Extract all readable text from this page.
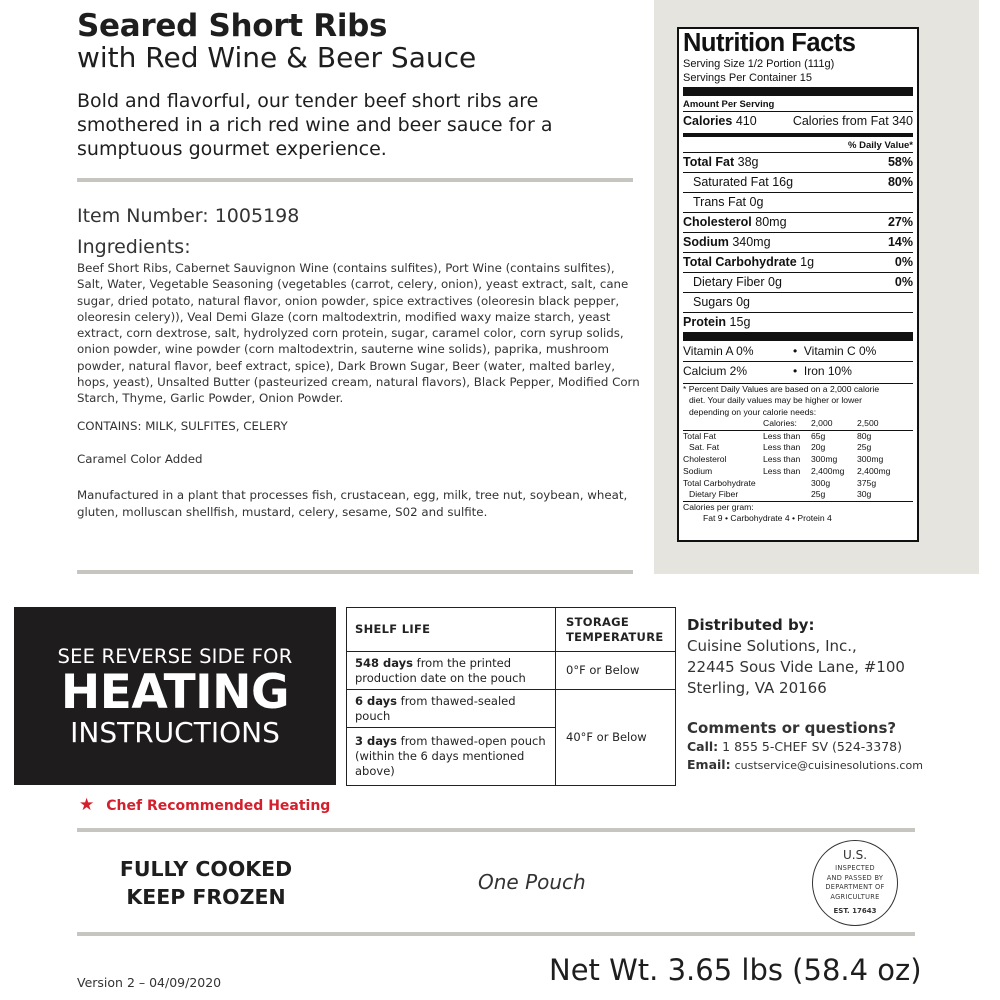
Seared Short Ribs
with Red Wine & Beer Sauce
Bold and flavorful, our tender beef short ribs are smothered in a rich red wine and beer sauce for a sumptuous gourmet experience.
Item Number: 1005198
Ingredients:
Beef Short Ribs, Cabernet Sauvignon Wine (contains sulfites), Port Wine (contains sulfites), Salt, Water, Vegetable Seasoning (vegetables (carrot, celery, onion), yeast extract, salt, cane sugar, dried potato, natural flavor, onion powder, spice extractives (oleoresin black pepper, oleoresin celery)), Veal Demi Glaze (corn maltodextrin, modified waxy maize starch, yeast extract, corn dextrose, salt, hydrolyzed corn protein, sugar, caramel color, corn syrup solids, onion powder, wine powder (corn maltodextrin, sauterne wine solids), paprika, mushroom powder, natural flavor, beef extract, spice), Dark Brown Sugar, Beer (water, malted barley, hops, yeast), Unsalted Butter (pasteurized cream, natural flavors), Black Pepper, Modified Corn Starch, Thyme, Garlic Powder, Onion Powder.
CONTAINS: MILK, SULFITES, CELERY
Caramel Color Added
Manufactured in a plant that processes fish, crustacean, egg, milk, tree nut, soybean, wheat, gluten, molluscan shellfish, mustard, celery, sesame, S02 and sulfite.
Nutrition Facts
Serving Size 1/2 Portion (111g)
Servings Per Container 15
Amount Per Serving
Calories 410	Calories from Fat 340
% Daily Value*
Total Fat 38g	58%
Saturated Fat 16g	80%
Trans Fat 0g
Cholesterol 80mg	27%
Sodium 340mg	14%
Total Carbohydrate 1g	0%
Dietary Fiber 0g	0%
Sugars 0g
Protein 15g
Vitamin A 0%	•  Vitamin C 0%
Calcium 2%	•  Iron 10%
* Percent Daily Values are based on a 2,000 calorie
diet. Your daily values may be higher or lower
depending on your calorie needs:
Calories:	2,000	2,500
Total Fat	Less than	65g	80g
Sat. Fat	Less than	20g	25g
Cholesterol	Less than	300mg	300mg
Sodium	Less than	2,400mg	2,400mg
Total Carbohydrate	300g	375g
Dietary Fiber	25g	30g
Calories per gram:
Fat 9 • Carbohydrate 4 • Protein 4
SEE REVERSE SIDE FOR
HEATING
INSTRUCTIONS
★ Chef Recommended Heating
SHELF LIFE	STORAGE TEMPERATURE
548 days from the printed production date on the pouch	0°F or Below
6 days from thawed-sealed pouch	40°F or Below
3 days from thawed-open pouch (within the 6 days mentioned above)	
Distributed by:
Cuisine Solutions, Inc.,
22445 Sous Vide Lane, #100
Sterling, VA 20166
Comments or questions?
Call: 1 855 5-CHEF SV (524-3378)
Email: custservice@cuisinesolutions.com
FULLY COOKED
KEEP FROZEN
One Pouch
U.S.
INSPECTED
AND PASSED BY
DEPARTMENT OF
AGRICULTURE
EST. 17643
Version 2 – 04/09/2020	Net Wt. 3.65 lbs (58.4 oz)
